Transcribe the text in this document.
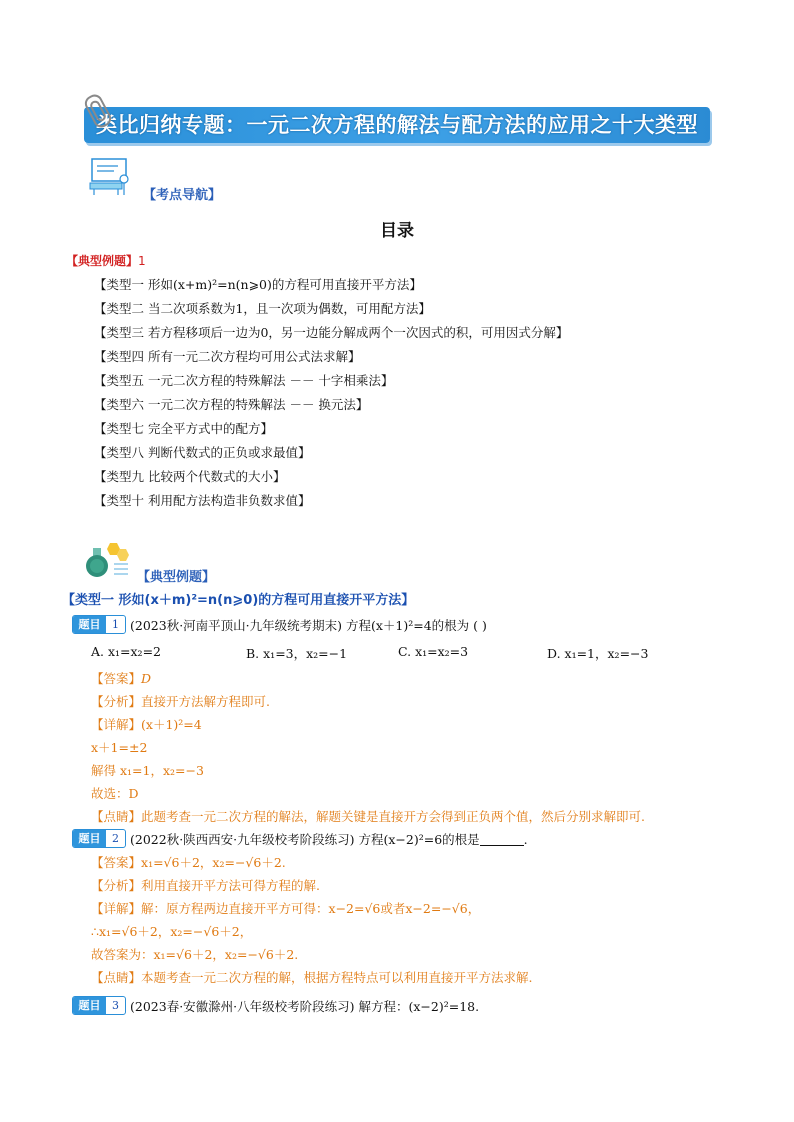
类比归纳专题：一元二次方程的解法与配方法的应用之十大类型
【考点导航】
目录
【典型例题】1
【类型一 形如(x+m)²=n(n⩾0)的方程可用直接开平方法】
【类型二 当二次项系数为1，且一次项为偶数，可用配方法】
【类型三 若方程移项后一边为0，另一边能分解成两个一次因式的积，可用因式分解】
【类型四 所有一元二次方程均可用公式法求解】
【类型五 一元二次方程的特殊解法 －－ 十字相乘法】
【类型六 一元二次方程的特殊解法 －－ 换元法】
【类型七 完全平方式中的配方】
【类型八 判断代数式的正负或求最值】
【类型九 比较两个代数式的大小】
【类型十 利用配方法构造非负数求值】
【典型例题】
【类型一 形如(x＋m)²=n(n⩾0)的方程可用直接开平方法】
题目	1 (2023秋·河南平顶山·九年级统考期末) 方程(x＋1)²=4的根为 ( )
A. x₁=x₂=2	B. x₁=3，x₂=−1	C. x₁=x₂=3	D. x₁=1，x₂=−3
【答案】D
【分析】直接开方法解方程即可.
【详解】(x＋1)²=4
x＋1=±2
解得 x₁=1，x₂=−3
故选：D
【点睛】此题考查一元二次方程的解法，解题关键是直接开方会得到正负两个值，然后分别求解即可.
题目	2 (2022秋·陕西西安·九年级校考阶段练习) 方程(x−2)²=6的根是	.
【答案】x₁=√6＋2，x₂=−√6＋2.
【分析】利用直接开平方法可得方程的解.
【详解】解：原方程两边直接开平方可得：x−2=√6或者x−2=−√6，
∴x₁=√6＋2，x₂=−√6＋2，
故答案为：x₁=√6＋2，x₂=−√6＋2.
【点睛】本题考查一元二次方程的解，根据方程特点可以利用直接开平方法求解.
题目	3 (2023春·安徽滁州·八年级校考阶段练习) 解方程：(x−2)²=18.
